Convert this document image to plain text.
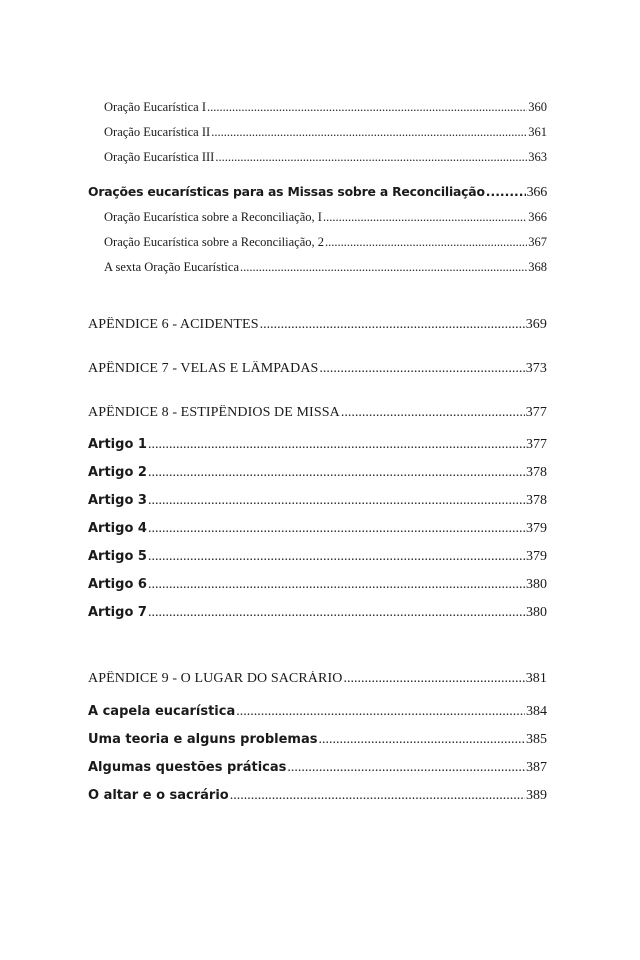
Oração Eucarística I .....	360
Oração Eucarística II .....	361
Oração Eucarística III .....	363
Orações eucarísticas para as Missas sobre a Reconciliação .....	366
Oração Eucarística sobre a Reconciliação, I .....	366
Oração Eucarística sobre a Reconciliação, 2 .....	367
A sexta Oração Eucarística .....	368
APÊNDICE 6 - ACIDENTES .....	369
APÊNDICE 7 - VELAS E LÂMPADAS .....	373
APÊNDICE 8 - ESTIPÊNDIOS DE MISSA .....	377
Artigo 1 .....	377
Artigo 2 .....	378
Artigo 3 .....	378
Artigo 4 .....	379
Artigo 5 .....	379
Artigo 6 .....	380
Artigo 7 .....	380
APÊNDICE 9 - O LUGAR DO SACRÁRIO .....	381
A capela eucarística .....	384
Uma teoria e alguns problemas .....	385
Algumas questões práticas .....	387
O altar e o sacrário .....	389
